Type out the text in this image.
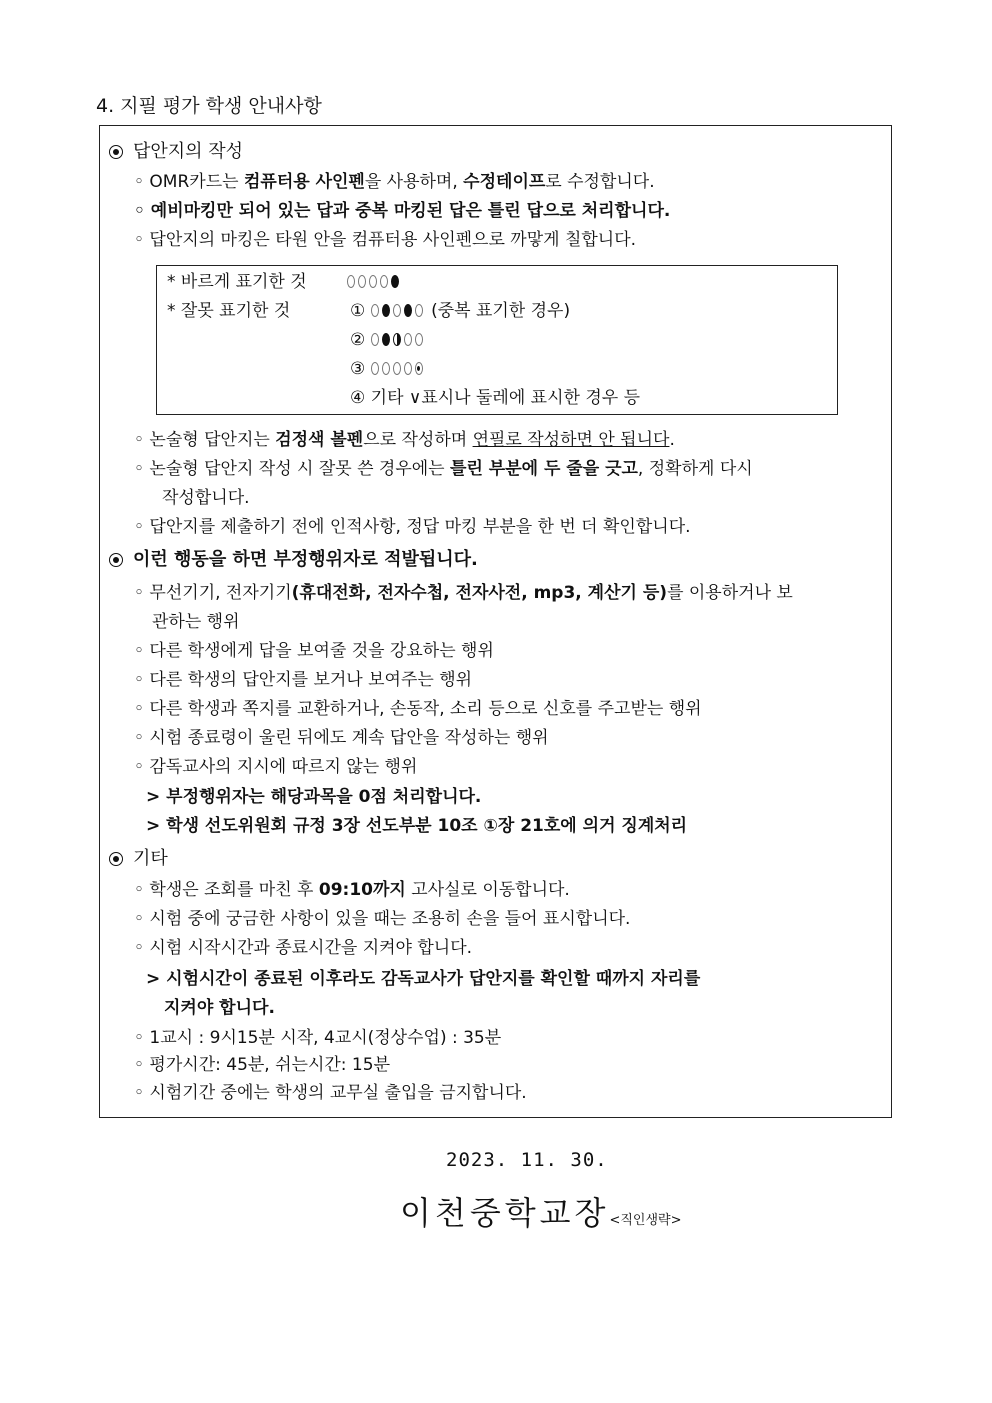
4. 지필 평가 학생 안내사항
답안지의 작성
◦ OMR카드는 컴퓨터용 사인펜을 사용하며, 수정테이프로 수정합니다.
◦ 예비마킹만 되어 있는 답과 중복 마킹된 답은 틀린 답으로 처리합니다.
◦ 답안지의 마킹은 타원 안을 컴퓨터용 사인펜으로 까맣게 칠합니다.
* 바르게 표기한 것
* 잘못 표기한 것	①	(중복 표기한 경우)
②
③
④ 기타 ∨표시나 둘레에 표시한 경우 등
◦ 논술형 답안지는 검정색 볼펜으로 작성하며 연필로 작성하면 안 됩니다.
◦ 논술형 답안지 작성 시 잘못 쓴 경우에는 틀린 부분에 두 줄을 긋고, 정확하게 다시
작성합니다.
◦ 답안지를 제출하기 전에 인적사항, 정답 마킹 부분을 한 번 더 확인합니다.
이런 행동을 하면 부정행위자로 적발됩니다.
◦ 무선기기, 전자기기(휴대전화, 전자수첩, 전자사전, mp3, 계산기 등)를 이용하거나 보
관하는 행위
◦ 다른 학생에게 답을 보여줄 것을 강요하는 행위
◦ 다른 학생의 답안지를 보거나 보여주는 행위
◦ 다른 학생과 쪽지를 교환하거나, 손동작, 소리 등으로 신호를 주고받는 행위
◦ 시험 종료령이 울린 뒤에도 계속 답안을 작성하는 행위
◦ 감독교사의 지시에 따르지 않는 행위
> 부정행위자는 해당과목을 0점 처리합니다.
> 학생 선도위원회 규정 3장 선도부분 10조 ①장 21호에 의거 징계처리
기타
◦ 학생은 조회를 마친 후 09:10까지 고사실로 이동합니다.
◦ 시험 중에 궁금한 사항이 있을 때는 조용히 손을 들어 표시합니다.
◦ 시험 시작시간과 종료시간을 지켜야 합니다.
> 시험시간이 종료된 이후라도 감독교사가 답안지를 확인할 때까지 자리를
지켜야 합니다.
◦ 1교시 : 9시15분 시작, 4교시(정상수업) : 35분
◦ 평가시간: 45분, 쉬는시간: 15분
◦ 시험기간 중에는 학생의 교무실 출입을 금지합니다.
2023. 11. 30.
이천중학교장<직인생략>
